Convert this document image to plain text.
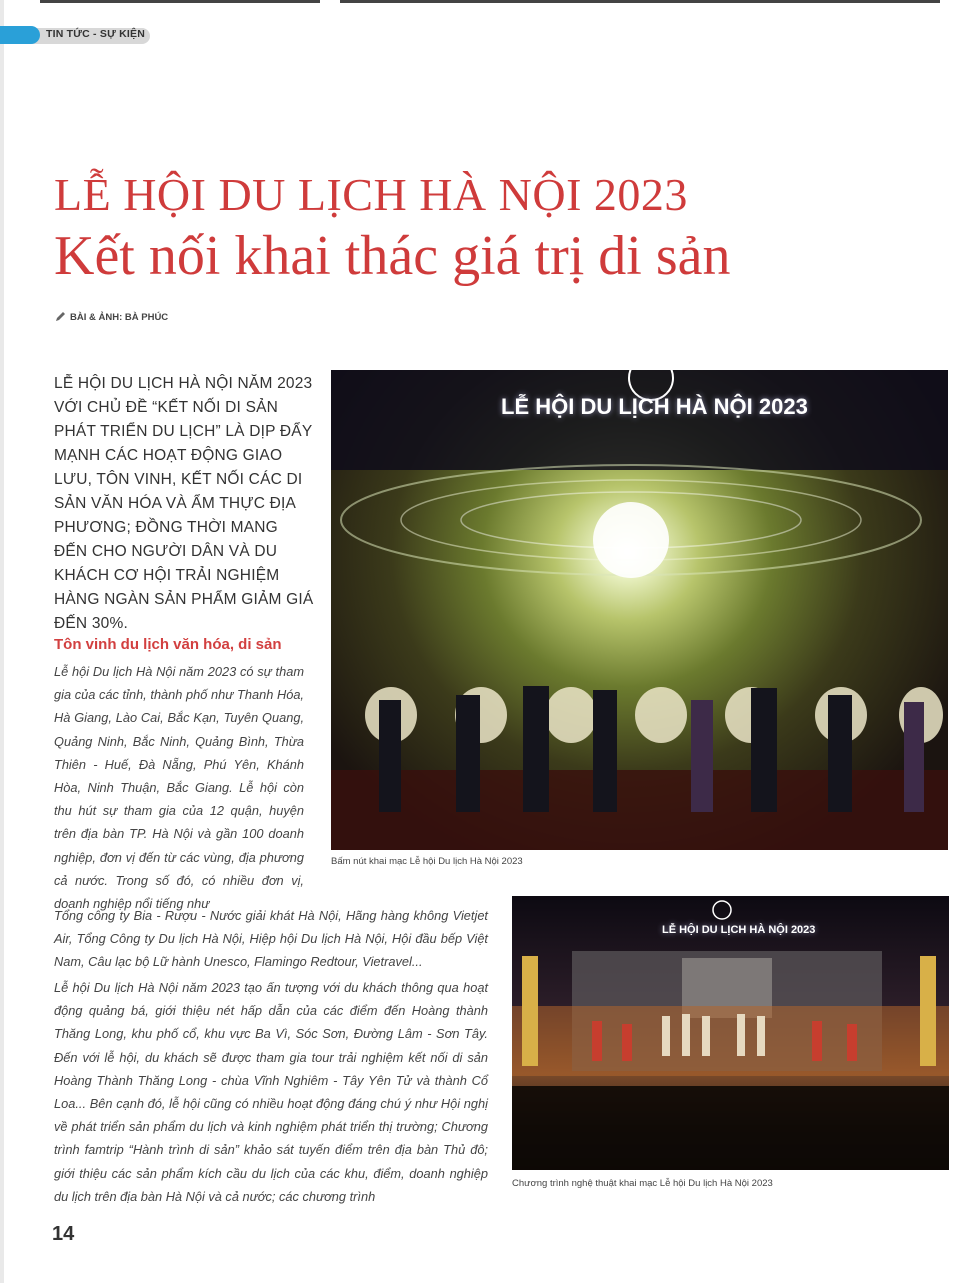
TIN TỨC - SỰ KIỆN
LỄ HỘI DU LỊCH HÀ NỘI 2023
Kết nối khai thác giá trị di sản
BÀI & ẢNH: BÀ PHÚC
LỄ HỘI DU LỊCH HÀ NỘI NĂM 2023 VỚI CHỦ ĐỀ “KẾT NỐI DI SẢN PHÁT TRIỂN DU LỊCH” LÀ DỊP ĐẨY MẠNH CÁC HOẠT ĐỘNG GIAO LƯU, TÔN VINH, KẾT NỐI CÁC DI SẢN VĂN HÓA VÀ ẨM THỰC ĐỊA PHƯƠNG; ĐỒNG THỜI MANG ĐẾN CHO NGƯỜI DÂN VÀ DU KHÁCH CƠ HỘI TRẢI NGHIỆM HÀNG NGÀN SẢN PHẨM GIẢM GIÁ ĐẾN 30%.
Tôn vinh du lịch văn hóa, di sản
Lễ hội Du lịch Hà Nội năm 2023 có sự tham gia của các tỉnh, thành phố như Thanh Hóa, Hà Giang, Lào Cai, Bắc Kạn, Tuyên Quang, Quảng Ninh, Bắc Ninh, Quảng Bình, Thừa Thiên - Huế, Đà Nẵng, Phú Yên, Khánh Hòa, Ninh Thuận, Bắc Giang. Lễ hội còn thu hút sự tham gia của 12 quận, huyện trên địa bàn TP. Hà Nội và gần 100 doanh nghiệp, đơn vị đến từ các vùng, địa phương cả nước. Trong số đó, có nhiều đơn vị, doanh nghiệp nổi tiếng như
Tổng công ty Bia - Rượu - Nước giải khát Hà Nội, Hãng hàng không Vietjet Air, Tổng Công ty Du lịch Hà Nội, Hiệp hội Du lịch Hà Nội, Hội đầu bếp Việt Nam, Câu lạc bộ Lữ hành Unesco, Flamingo Redtour, Vietravel...
Lễ hội Du lịch Hà Nội năm 2023 tạo ấn tượng với du khách thông qua hoạt động quảng bá, giới thiệu nét hấp dẫn của các điểm đến Hoàng thành Thăng Long, khu phố cổ, khu vực Ba Vì, Sóc Sơn, Đường Lâm - Sơn Tây. Đến với lễ hội, du khách sẽ được tham gia tour trải nghiệm kết nối di sản Hoàng Thành Thăng Long - chùa Vĩnh Nghiêm - Tây Yên Tử và thành Cổ Loa... Bên cạnh đó, lễ hội cũng có nhiều hoạt động đáng chú ý như Hội nghị về phát triển sản phẩm du lịch và kinh nghiệm phát triển thị trường; Chương trình famtrip “Hành trình di sản” khảo sát tuyến điểm trên địa bàn Thủ đô; giới thiệu các sản phẩm kích cầu du lịch của các khu, điểm, doanh nghiệp du lịch trên địa bàn Hà Nội và cả nước; các chương trình
LỄ HỘI DU LỊCH HÀ NỘI 2023
Bấm nút khai mạc Lễ hội Du lịch Hà Nội 2023
LỄ HỘI DU LỊCH HÀ NỘI 2023
Chương trình nghệ thuật khai mạc Lễ hội Du lịch Hà Nội 2023
14
